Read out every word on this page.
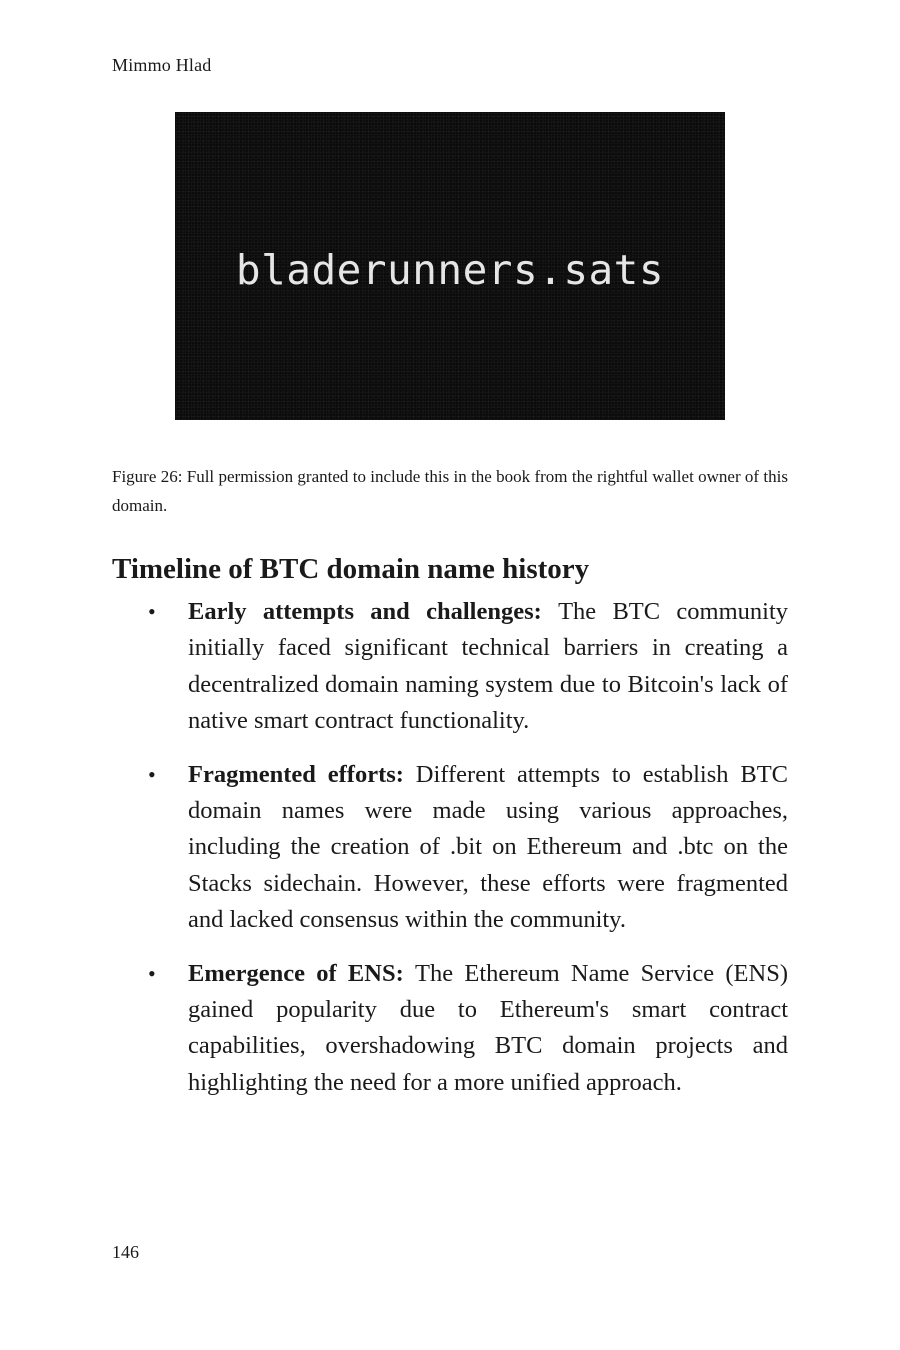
Mimmo Hlad
bladerunners.sats
Figure 26: Full permission granted to include this in the book from the rightful wallet owner of this domain.
Timeline of BTC domain name history
• Early attempts and challenges: The BTC community initially faced significant technical barriers in creating a decentralized domain naming system due to Bitcoin's lack of native smart contract functionality.
• Fragmented efforts: Different attempts to establish BTC domain names were made using various approaches, including the creation of .bit on Ethereum and .btc on the Stacks sidechain. However, these efforts were fragmented and lacked consensus within the community.
• Emergence of ENS: The Ethereum Name Service (ENS) gained popularity due to Ethereum's smart contract capabilities, overshadowing BTC domain projects and highlighting the need for a more unified approach.
146
